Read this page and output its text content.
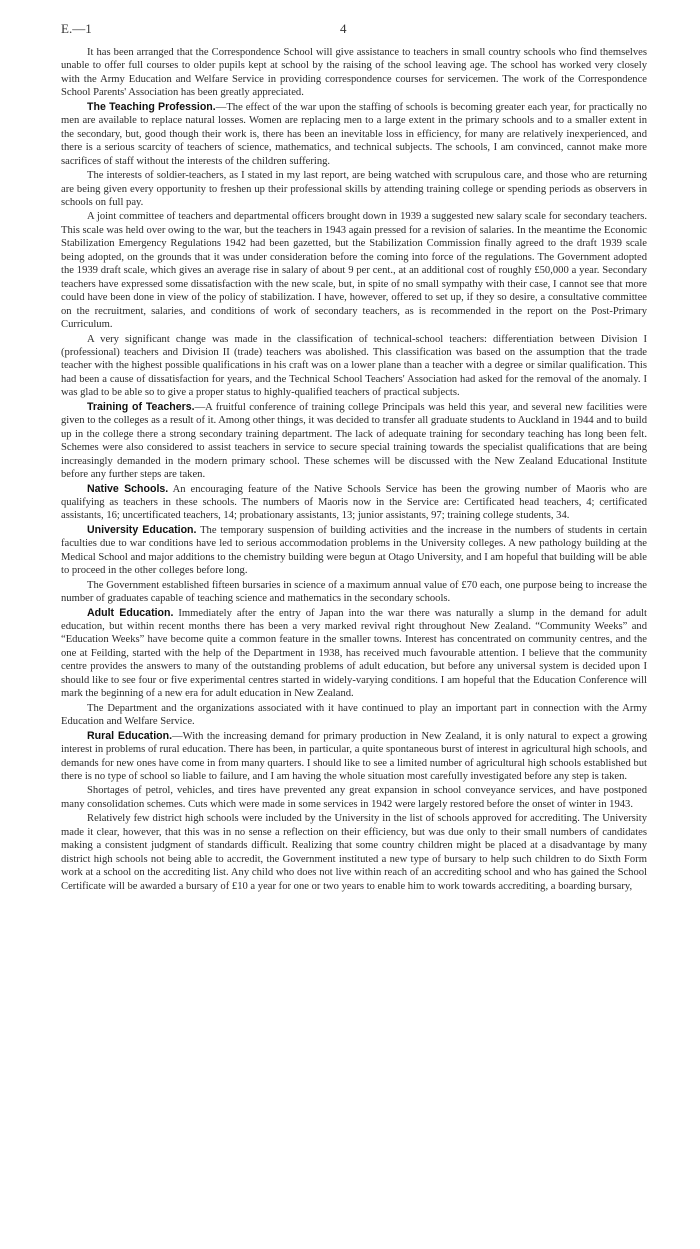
E.—1	4

It has been arranged that the Correspondence School will give assistance to teachers in small country schools who find themselves unable to offer full courses to older pupils kept at school by the raising of the school leaving age. The school has worked very closely with the Army Education and Welfare Service in providing correspondence courses for servicemen. The work of the Correspondence School Parents' Association has been greatly appreciated.

The Teaching Profession.—The effect of the war upon the staffing of schools is becoming greater each year, for practically no men are available to replace natural losses. Women are replacing men to a large extent in the primary schools and to a smaller extent in the secondary, but, good though their work is, there has been an inevitable loss in efficiency, for many are relatively inexperienced, and there is a serious scarcity of teachers of science, mathematics, and technical subjects. The schools, I am convinced, cannot make more sacrifices of staff without the interests of the children suffering.

The interests of soldier-teachers, as I stated in my last report, are being watched with scrupulous care, and those who are returning are being given every opportunity to freshen up their professional skills by attending training college or spending periods as observers in schools on full pay.

A joint committee of teachers and departmental officers brought down in 1939 a suggested new salary scale for secondary teachers. This scale was held over owing to the war, but the teachers in 1943 again pressed for a revision of salaries. In the meantime the Economic Stabilization Emergency Regulations 1942 had been gazetted, but the Stabilization Commission finally agreed to the draft 1939 scale being adopted, on the grounds that it was under consideration before the coming into force of the regulations. The Government adopted the 1939 draft scale, which gives an average rise in salary of about 9 per cent., at an additional cost of roughly £50,000 a year. Secondary teachers have expressed some dissatisfaction with the new scale, but, in spite of no small sympathy with their case, I cannot see that more could have been done in view of the policy of stabilization. I have, however, offered to set up, if they so desire, a consultative committee on the recruitment, salaries, and conditions of work of secondary teachers, as is recommended in the report on the Post-Primary Curriculum.

A very significant change was made in the classification of technical-school teachers: differentiation between Division I (professional) teachers and Division II (trade) teachers was abolished. This classification was based on the assumption that the trade teacher with the highest possible qualifications in his craft was on a lower plane than a teacher with a degree or similar qualification. This had been a cause of dissatisfaction for years, and the Technical School Teachers' Association had asked for the removal of the anomaly. I was glad to be able so to give a proper status to highly-qualified teachers of practical subjects.

Training of Teachers.—A fruitful conference of training college Principals was held this year, and several new facilities were given to the colleges as a result of it. Among other things, it was decided to transfer all graduate students to Auckland in 1944 and to build up in the college there a strong secondary training department. The lack of adequate training for secondary teaching has long been felt. Schemes were also considered to assist teachers in service to secure special training towards the specialist qualifications that are being increasingly demanded in the modern primary school. These schemes will be discussed with the New Zealand Educational Institute before any further steps are taken.

Native Schools. An encouraging feature of the Native Schools Service has been the growing number of Maoris who are qualifying as teachers in these schools. The numbers of Maoris now in the Service are: Certificated head teachers, 4; certificated assistants, 16; uncertificated teachers, 14; probationary assistants, 13; junior assistants, 97; training college students, 34.

University Education. The temporary suspension of building activities and the increase in the numbers of students in certain faculties due to war conditions have led to serious accommodation problems in the University colleges. A new pathology building at the Medical School and major additions to the chemistry building were begun at Otago University, and I am hopeful that building will be able to proceed in the other colleges before long.

The Government established fifteen bursaries in science of a maximum annual value of £70 each, one purpose being to increase the number of graduates capable of teaching science and mathematics in the secondary schools.

Adult Education. Immediately after the entry of Japan into the war there was naturally a slump in the demand for adult education, but within recent months there has been a very marked revival right throughout New Zealand. “Community Weeks” and “Education Weeks” have become quite a common feature in the smaller towns. Interest has concentrated on community centres, and the one at Feilding, started with the help of the Department in 1938, has received much favourable attention. I believe that the community centre provides the answers to many of the outstanding problems of adult education, but before any universal system is decided upon I should like to see four or five experimental centres started in widely-varying conditions. I am hopeful that the Education Conference will mark the beginning of a new era for adult education in New Zealand.

The Department and the organizations associated with it have continued to play an important part in connection with the Army Education and Welfare Service.

Rural Education.—With the increasing demand for primary production in New Zealand, it is only natural to expect a growing interest in problems of rural education. There has been, in particular, a quite spontaneous burst of interest in agricultural high schools, and demands for new ones have come in from many quarters. I should like to see a limited number of agricultural high schools established but there is no type of school so liable to failure, and I am having the whole situation most carefully investigated before any step is taken.

Shortages of petrol, vehicles, and tires have prevented any great expansion in school conveyance services, and have postponed many consolidation schemes. Cuts which were made in some services in 1942 were largely restored before the onset of winter in 1943.

Relatively few district high schools were included by the University in the list of schools approved for accrediting. The University made it clear, however, that this was in no sense a reflection on their efficiency, but was due only to their small numbers of candidates making a consistent judgment of standards difficult. Realizing that some country children might be placed at a disadvantage by many district high schools not being able to accredit, the Government instituted a new type of bursary to help such children to do Sixth Form work at a school on the accrediting list. Any child who does not live within reach of an accrediting school and who has gained the School Certificate will be awarded a bursary of £10 a year for one or two years to enable him to work towards accrediting, a boarding bursary,
